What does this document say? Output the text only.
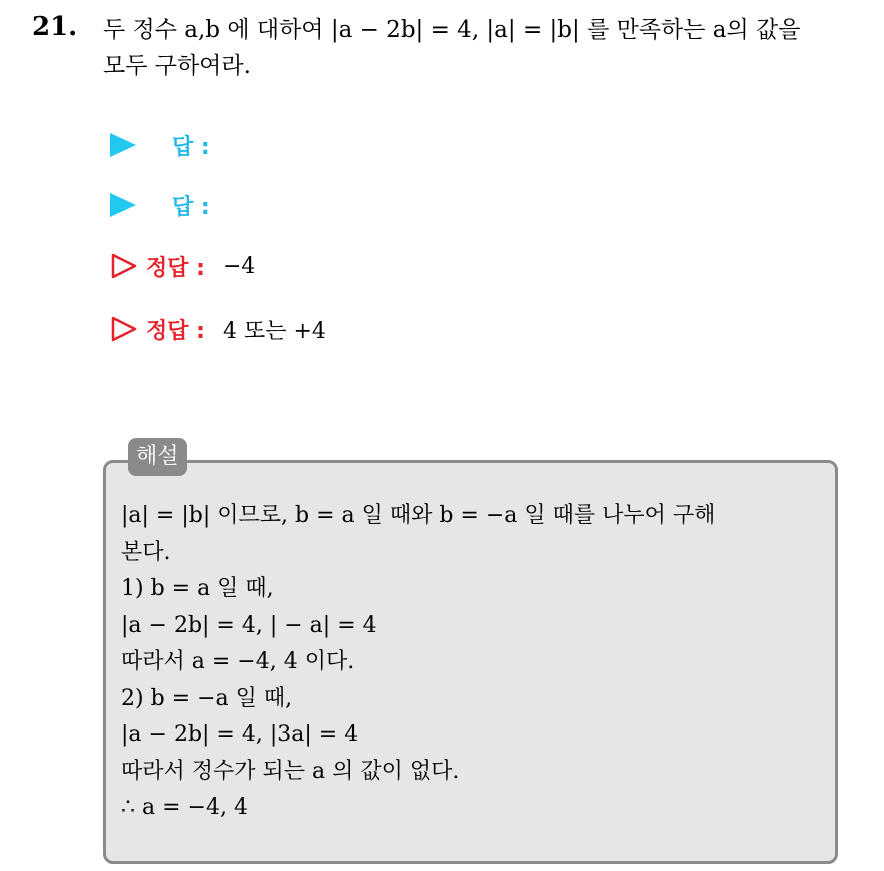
21. 두 정수 a,b 에 대하여 |a − 2b| = 4, |a| = |b| 를 만족하는 a의 값을
모두 구하여라.
답 :
답 :
정답 : −4
정답 : 4 또는 +4
해설
|a| = |b| 이므로, b = a 일 때와 b = −a 일 때를 나누어 구해
본다.
1) b = a 일 때,
|a − 2b| = 4, | − a| = 4
따라서 a = −4, 4 이다.
2) b = −a 일 때,
|a − 2b| = 4, |3a| = 4
따라서 정수가 되는 a 의 값이 없다.
∴ a = −4, 4
